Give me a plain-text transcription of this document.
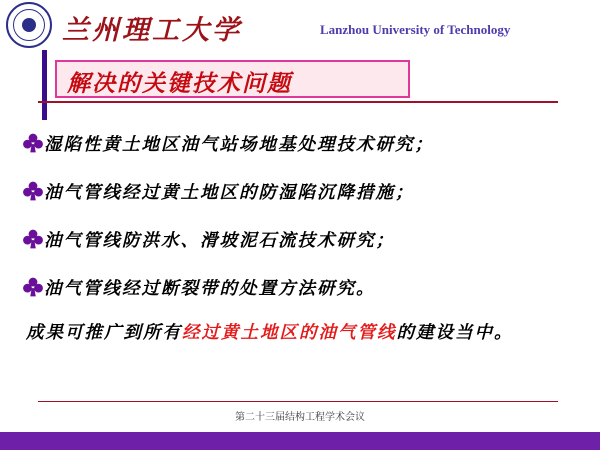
兰州理工大学	Lanzhou University of Technology
解决的关键技术问题
湿陷性黄土地区油气站场地基处理技术研究；
油气管线经过黄土地区的防湿陷沉降措施；
油气管线防洪水、滑坡泥石流技术研究；
油气管线经过断裂带的处置方法研究。
成果可推广到所有经过黄土地区的油气管线的建设当中。
第二十三届结构工程学术会议
